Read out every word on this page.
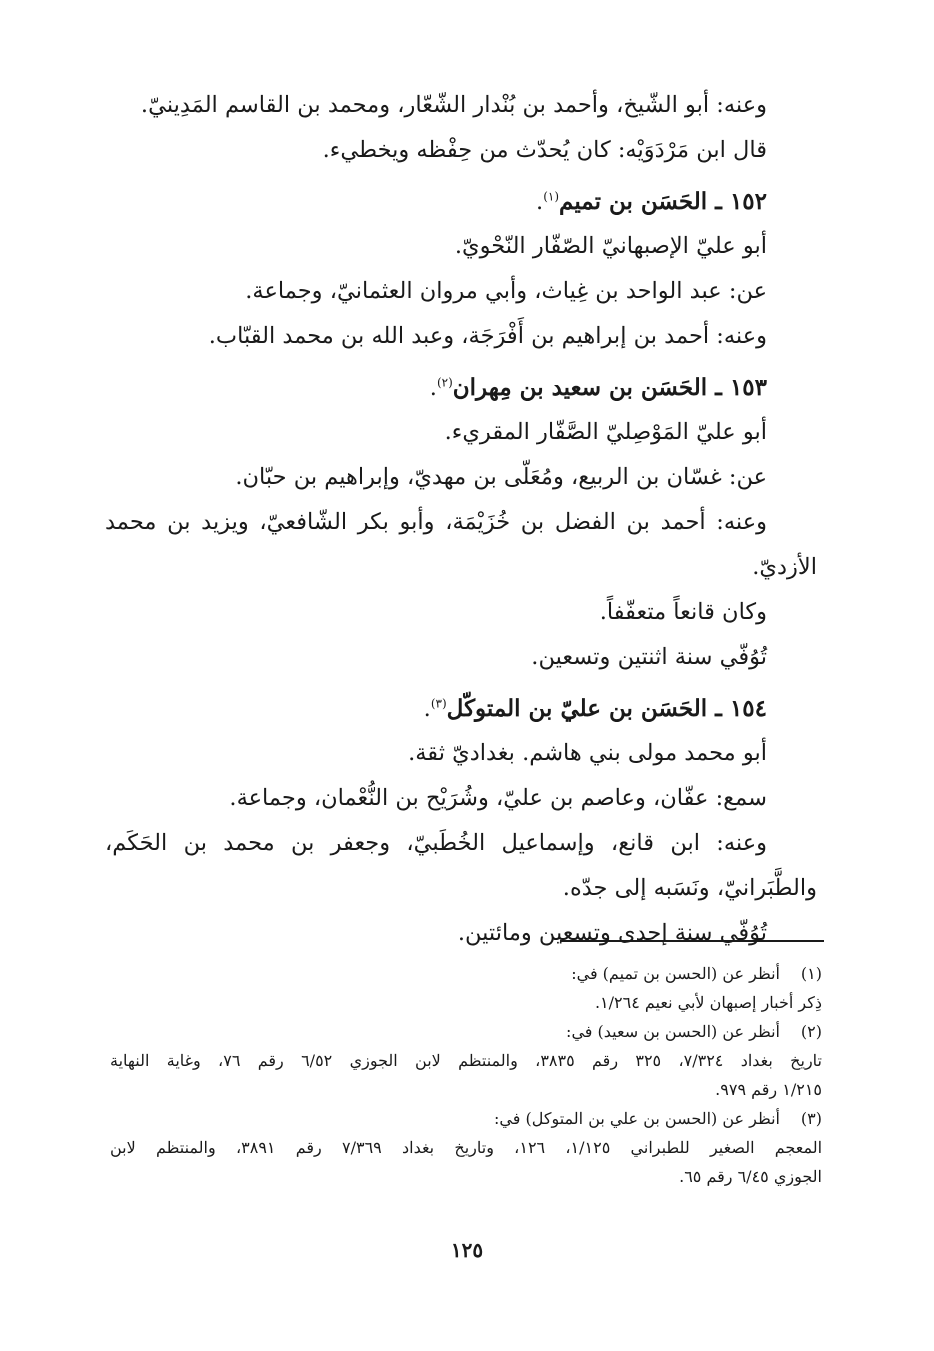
وعنه: أبو الشّيخ، وأحمد بن بُنْدار الشّعّار، ومحمد بن القاسم المَدِينيّ.
قال ابن مَرْدَوَيْه: كان يُحدّث من حِفْظه ويخطيء.
١٥٢ ـ الحَسَن بن تميم$^{(١)}$.
أبو عليّ الإصبهانيّ الصّفّار النّحْويّ.
عن: عبد الواحد بن غِياث، وأبي مروان العثمانيّ، وجماعة.
وعنه: أحمد بن إبراهيم بن أَفْرَجَة، وعبد الله بن محمد القبّاب.
١٥٣ ـ الحَسَن بن سعيد بن مِهران$^{(٢)}$.
أبو عليّ المَوْصِليّ الصَّفّار المقريء.
عن: غسّان بن الربيع، ومُعَلّى بن مهديّ، وإبراهيم بن حبّان.
وعنه: أحمد بن الفضل بن خُزَيْمَة، وأبو بكر الشّافعيّ، ويزيد بن محمد
الأزديّ.
وكان قانعاً متعفّفاً.
تُوُفّي سنة اثنتين وتسعين.
١٥٤ ـ الحَسَن بن عليّ بن المتوكّل$^{(٣)}$.
أبو محمد مولى بني هاشم. بغداديّ ثقة.
سمع: عفّان، وعاصم بن عليّ، وشُرَيْح بن النُّعْمان، وجماعة.
وعنه: ابن قانع، وإسماعيل الخُطَبيّ، وجعفر بن محمد بن الحَكَم،
والطَّبَرانيّ، ونَسَبه إلى جدّه.
تُوُفّي سنة إحدى وتسعين ومائتين.
(١)أنظر عن (الحسن بن تميم) في:
ذِكر أخبار إصبهان لأبي نعيم ١/٢٦٤.
(٢)أنظر عن (الحسن بن سعيد) في:
تاريخ بغداد ٧/٣٢٤، ٣٢٥ رقم ٣٨٣٥، والمنتظم لابن الجوزي ٦/٥٢ رقم ٧٦، وغاية النهاية
١/٢١٥ رقم ٩٧٩.
(٣)أنظر عن (الحسن بن علي بن المتوكل) في:
المعجم الصغير للطبراني ١/١٢٥، ١٢٦، وتاريخ بغداد ٧/٣٦٩ رقم ٣٨٩١، والمنتظم لابن
الجوزي ٦/٤٥ رقم ٦٥.
١٢٥
